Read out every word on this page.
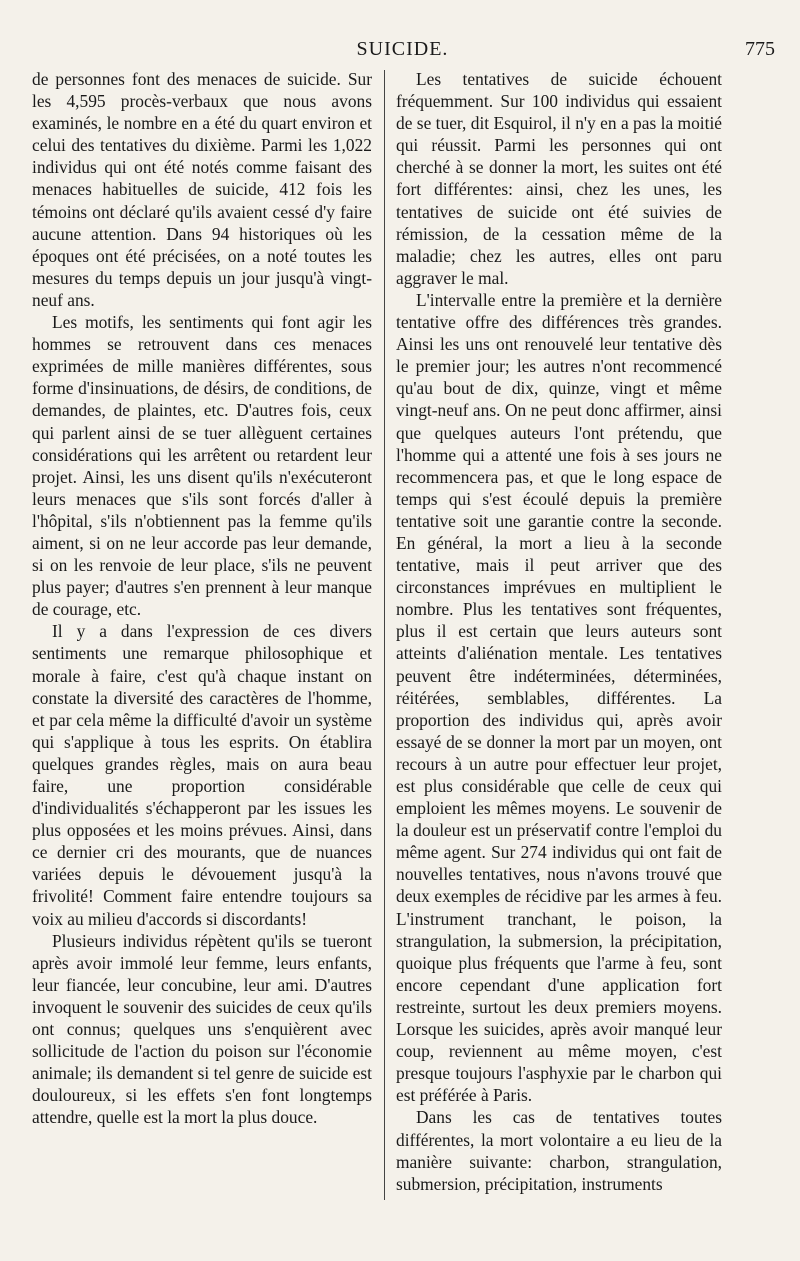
SUICIDE.	775

de personnes font des menaces de suicide. Sur les 4,595 procès-verbaux que nous avons examinés, le nombre en a été du quart environ et celui des tentatives du dixième. Parmi les 1,022 individus qui ont été notés comme faisant des menaces habituelles de suicide, 412 fois les témoins ont déclaré qu'ils avaient cessé d'y faire aucune attention. Dans 94 historiques où les époques ont été précisées, on a noté toutes les mesures du temps depuis un jour jusqu'à vingt-neuf ans.

Les motifs, les sentiments qui font agir les hommes se retrouvent dans ces menaces exprimées de mille manières différentes, sous forme d'insinuations, de désirs, de conditions, de demandes, de plaintes, etc. D'autres fois, ceux qui parlent ainsi de se tuer allèguent certaines considérations qui les arrêtent ou retardent leur projet. Ainsi, les uns disent qu'ils n'exécuteront leurs menaces que s'ils sont forcés d'aller à l'hôpital, s'ils n'obtiennent pas la femme qu'ils aiment, si on ne leur accorde pas leur demande, si on les renvoie de leur place, s'ils ne peuvent plus payer; d'autres s'en prennent à leur manque de courage, etc.

Il y a dans l'expression de ces divers sentiments une remarque philosophique et morale à faire, c'est qu'à chaque instant on constate la diversité des caractères de l'homme, et par cela même la difficulté d'avoir un système qui s'applique à tous les esprits. On établira quelques grandes règles, mais on aura beau faire, une proportion considérable d'individualités s'échapperont par les issues les plus opposées et les moins prévues. Ainsi, dans ce dernier cri des mourants, que de nuances variées depuis le dévouement jusqu'à la frivolité! Comment faire entendre toujours sa voix au milieu d'accords si discordants!

Plusieurs individus répètent qu'ils se tueront après avoir immolé leur femme, leurs enfants, leur fiancée, leur concubine, leur ami. D'autres invoquent le souvenir des suicides de ceux qu'ils ont connus; quelques uns s'enquièrent avec sollicitude de l'action du poison sur l'économie animale; ils demandent si tel genre de suicide est douloureux, si les effets s'en font longtemps attendre, quelle est la mort la plus douce.

Les tentatives de suicide échouent fréquemment. Sur 100 individus qui essaient de se tuer, dit Esquirol, il n'y en a pas la moitié qui réussit. Parmi les personnes qui ont cherché à se donner la mort, les suites ont été fort différentes: ainsi, chez les unes, les tentatives de suicide ont été suivies de rémission, de la cessation même de la maladie; chez les autres, elles ont paru aggraver le mal.

L'intervalle entre la première et la dernière tentative offre des différences très grandes. Ainsi les uns ont renouvelé leur tentative dès le premier jour; les autres n'ont recommencé qu'au bout de dix, quinze, vingt et même vingt-neuf ans. On ne peut donc affirmer, ainsi que quelques auteurs l'ont prétendu, que l'homme qui a attenté une fois à ses jours ne recommencera pas, et que le long espace de temps qui s'est écoulé depuis la première tentative soit une garantie contre la seconde. En général, la mort a lieu à la seconde tentative, mais il peut arriver que des circonstances imprévues en multiplient le nombre. Plus les tentatives sont fréquentes, plus il est certain que leurs auteurs sont atteints d'aliénation mentale. Les tentatives peuvent être indéterminées, déterminées, réitérées, semblables, différentes. La proportion des individus qui, après avoir essayé de se donner la mort par un moyen, ont recours à un autre pour effectuer leur projet, est plus considérable que celle de ceux qui emploient les mêmes moyens. Le souvenir de la douleur est un préservatif contre l'emploi du même agent. Sur 274 individus qui ont fait de nouvelles tentatives, nous n'avons trouvé que deux exemples de récidive par les armes à feu. L'instrument tranchant, le poison, la strangulation, la submersion, la précipitation, quoique plus fréquents que l'arme à feu, sont encore cependant d'une application fort restreinte, surtout les deux premiers moyens. Lorsque les suicides, après avoir manqué leur coup, reviennent au même moyen, c'est presque toujours l'asphyxie par le charbon qui est préférée à Paris.

Dans les cas de tentatives toutes différentes, la mort volontaire a eu lieu de la manière suivante: charbon, strangulation, submersion, précipitation, instruments
